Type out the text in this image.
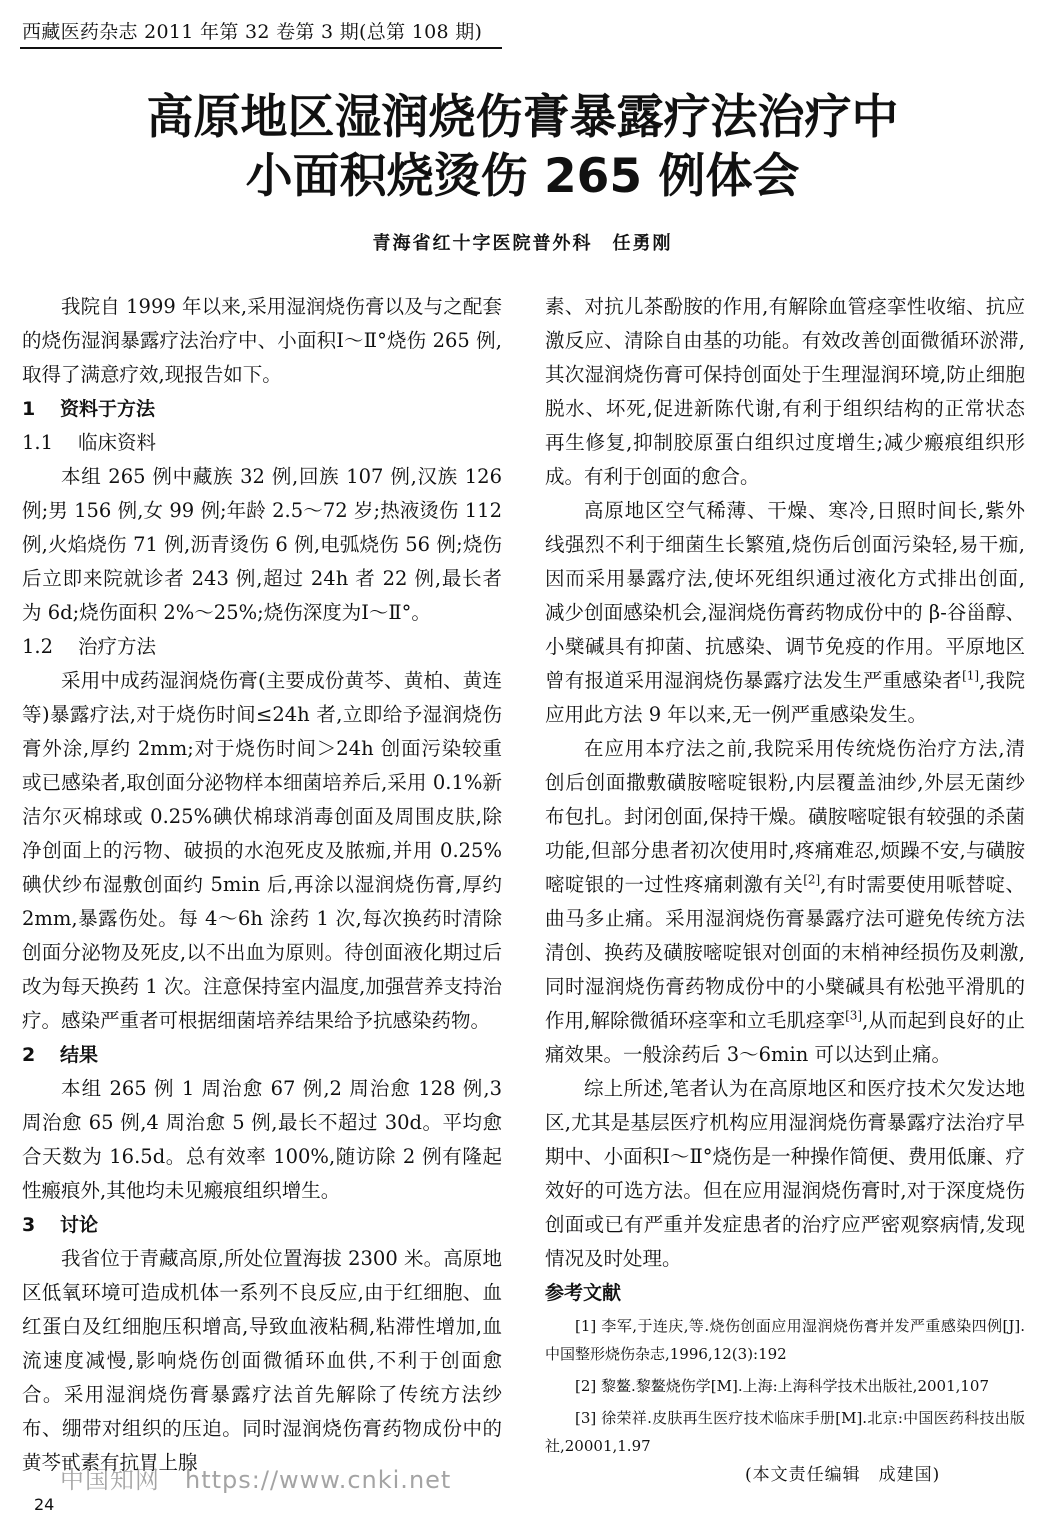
西藏医药杂志 2011 年第 32 卷第 3 期(总第 108 期)
高原地区湿润烧伤膏暴露疗法治疗中
小面积烧烫伤 265 例体会
青海省红十字医院普外科　任勇刚

我院自 1999 年以来,采用湿润烧伤膏以及与之配套的烧伤湿润暴露疗法治疗中、小面积Ⅰ～Ⅱ°烧伤 265 例,取得了满意疗效,现报告如下。

1 资料于方法

1.1 临床资料

本组 265 例中藏族 32 例,回族 107 例,汉族 126 例;男 156 例,女 99 例;年龄 2.5～72 岁;热液烫伤 112 例,火焰烧伤 71 例,沥青烫伤 6 例,电弧烧伤 56 例;烧伤后立即来院就诊者 243 例,超过 24h 者 22 例,最长者为 6d;烧伤面积 2%～25%;烧伤深度为Ⅰ～Ⅱ°。

1.2 治疗方法

采用中成药湿润烧伤膏(主要成份黄芩、黄柏、黄连等)暴露疗法,对于烧伤时间≤24h 者,立即给予湿润烧伤膏外涂,厚约 2mm;对于烧伤时间＞24h 创面污染较重或已感染者,取创面分泌物样本细菌培养后,采用 0.1%新洁尔灭棉球或 0.25%碘伏棉球消毒创面及周围皮肤,除净创面上的污物、破损的水泡死皮及脓痂,并用 0.25%碘伏纱布湿敷创面约 5min 后,再涂以湿润烧伤膏,厚约 2mm,暴露伤处。每 4～6h 涂药 1 次,每次换药时清除创面分泌物及死皮,以不出血为原则。待创面液化期过后改为每天换药 1 次。注意保持室内温度,加强营养支持治疗。感染严重者可根据细菌培养结果给予抗感染药物。

2 结果

本组 265 例 1 周治愈 67 例,2 周治愈 128 例,3 周治愈 65 例,4 周治愈 5 例,最长不超过 30d。平均愈合天数为 16.5d。总有效率 100%,随访除 2 例有隆起性瘢痕外,其他均未见瘢痕组织增生。

3 讨论

我省位于青藏高原,所处位置海拔 2300 米。高原地区低氧环境可造成机体一系列不良反应,由于红细胞、血红蛋白及红细胞压积增高,导致血液粘稠,粘滞性增加,血流速度减慢,影响烧伤创面微循环血供,不利于创面愈合。采用湿润烧伤膏暴露疗法首先解除了传统方法纱布、绷带对组织的压迫。同时湿润烧伤膏药物成份中的黄芩甙素有抗胃上腺

素、对抗儿茶酚胺的作用,有解除血管痉挛性收缩、抗应激反应、清除自由基的功能。有效改善创面微循环淤滞,其次湿润烧伤膏可保持创面处于生理湿润环境,防止细胞脱水、坏死,促进新陈代谢,有利于组织结构的正常状态再生修复,抑制胶原蛋白组织过度增生;减少瘢痕组织形成。有利于创面的愈合。

高原地区空气稀薄、干燥、寒冷,日照时间长,紫外线强烈不利于细菌生长繁殖,烧伤后创面污染轻,易干痂,因而采用暴露疗法,使坏死组织通过液化方式排出创面,减少创面感染机会,湿润烧伤膏药物成份中的 β-谷甾醇、小檗碱具有抑菌、抗感染、调节免疫的作用。平原地区曾有报道采用湿润烧伤暴露疗法发生严重感染者[1],我院应用此方法 9 年以来,无一例严重感染发生。

在应用本疗法之前,我院采用传统烧伤治疗方法,清创后创面撒敷磺胺嘧啶银粉,内层覆盖油纱,外层无菌纱布包扎。封闭创面,保持干燥。磺胺嘧啶银有较强的杀菌功能,但部分患者初次使用时,疼痛难忍,烦躁不安,与磺胺嘧啶银的一过性疼痛刺激有关[2],有时需要使用哌替啶、曲马多止痛。采用湿润烧伤膏暴露疗法可避免传统方法清创、换药及磺胺嘧啶银对创面的末梢神经损伤及刺激,同时湿润烧伤膏药物成份中的小檗碱具有松弛平滑肌的作用,解除微循环痉挛和立毛肌痉挛[3],从而起到良好的止痛效果。一般涂药后 3～6min 可以达到止痛。

综上所述,笔者认为在高原地区和医疗技术欠发达地区,尤其是基层医疗机构应用湿润烧伤膏暴露疗法治疗早期中、小面积Ⅰ～Ⅱ°烧伤是一种操作简便、费用低廉、疗效好的可选方法。但在应用湿润烧伤膏时,对于深度烧伤创面或已有严重并发症患者的治疗应严密观察病情,发现情况及时处理。

参考文献

[1] 李军,于连庆,等.烧伤创面应用湿润烧伤膏并发严重感染四例[J].中国整形烧伤杂志,1996,12(3):192

[2] 黎鳌.黎鳌烧伤学[M].上海:上海科学技术出版社,2001,107

[3] 徐荣祥.皮肤再生医疗技术临床手册[M].北京:中国医药科技出版社,20001,1.97

(本文责任编辑　成建国)
中国知网　https://www.cnki.net
24
